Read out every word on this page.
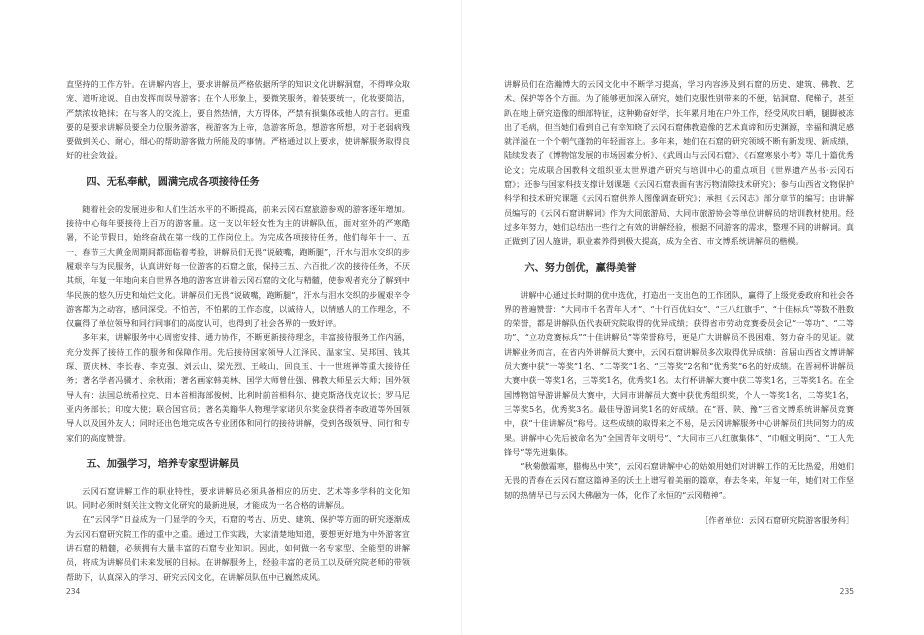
直坚持的工作方针。在讲解内容上，要求讲解员严格依据所学的知识文化讲解洞窟，不得哗众取宠、道听途说、自由发挥而误导游客；在个人形象上，要微笑服务，着装要统一，化妆要简洁，严禁浓妆艳抹；在与客人的交流上，要自然热情，大方得体，严禁有损集体或他人的言行。更重要的是要求讲解员要全力位服务游客，视游客为上帝，急游客所急，想游客所想，对于老弱病残要做到关心、耐心，细心的帮助游客做力所能及的事情。严格通过以上要求，使讲解服务取得良好的社会效益。

四、无私奉献，圆满完成各项接待任务

随着社会的发展进步和人们生活水平的不断提高，前来云冈石窟旅游参观的游客逐年增加。接待中心每年要接待上百万的游客量。这一支以年轻女性为主的讲解队伍，面对室外的严寒酷暑，不论节假日，始终奋战在第一线的工作岗位上。为完成各项接待任务，他们每年十一、五一、春节三大黄金周期间都面临着考验，讲解员们无畏“说破嘴，跑断腿”，汗水与泪水交织的步履艰辛与为民服务，认真讲好每一位游客的石窟之旅，保持三五、六百批／次的接待任务，不厌其烦，年复一年地向来自世界各地的游客宣讲着云冈石窟的文化与精髓，使参观者充分了解到中华民族的悠久历史和灿烂文化。讲解员们无畏“说破嘴，跑断腿”，汗水与泪水交织的步履艰辛令游客都为之动容，感同深受。不怕苦，不怕累的工作态度，以诚待人，以情感人的工作理念，不仅赢得了单位领导和同行同事们的高度认可，也得到了社会各界的一致好评。

多年来，讲解服务中心周密安排、通力协作，不断更新接待理念，丰富接待服务工作内涵，充分发挥了接待工作的服务和保障作用。先后接待国家领导人江泽民、温家宝、吴邦国、钱其琛、贾庆林、李长春、李克强、刘云山、梁光烈、王岐山、回良玉、十一世班禅等重大接待任务；著名学者冯骥才、余秋雨；著名画家韩美林、国学大师曾仕强、佛教大师星云大师；国外领导人有：法国总统希拉克、日本首相海部俊树、比利时前首相科尔、捷克斯洛伐克议长；罗马尼亚内务部长；印度大使；联合国官员；著名美籍华人物理学家诺贝尔奖金获得者李政道等外国领导人以及国外友人；同时还出色地完成各专业团体和同行的接待讲解，受到各级领导、同行和专家们的高度赞誉。

五、加强学习，培养专家型讲解员

云冈石窟讲解工作的职业特性，要求讲解员必须具备相应的历史、艺术等多学科的文化知识。同时必须时刻关注文物文化研究的最新进展，才能成为一名合格的讲解员。

在“云冈学”日益成为一门显学的今天，石窟的考古、历史、建筑、保护等方面的研究逐渐成为云冈石窟研究院工作的重中之重。通过工作实践，大家清楚地知道，要想更好地为中外游客宣讲石窟的精髓，必须拥有大量丰富的石窟专业知识。因此，如何做一名专家型、全能型的讲解员，将成为讲解员们未来发展的目标。在讲解服务上，经验丰富的老员工以及研究院老师的带领帮助下，认真深入的学习、研究云冈文化，在讲解员队伍中已巍然成风。

234

讲解员们在浩瀚博大的云冈文化中不断学习提高，学习内容涉及到石窟的历史、建筑、佛教、艺术、保护等各个方面。为了能够更加深入研究，她们克服性别带来的不便，钻洞窟、爬梯子，甚至趴在地上研究造像的细部特征，这种勤奋好学，长年累月地在户外工作，经受风吹日晒，腿脚被冻出了毛病，但当她们看到自己有幸知晓了云冈石窟佛教造像的艺术真谛和历史渊源，幸福和满足感就洋溢在一个个朝气蓬勃的年轻面容上。多年来，她们在石窟的研究领域不断有新发现、新成绩，陆续发表了《博物馆发展的市场因素分析》、《武周山与云冈石窟》、《石窟寒泉小考》等几十篇优秀论文；完成联合国教科文组织亚太世界遗产研究与培训中心的重点项目《世界遗产丛书·云冈石窟》；还参与国家科技支撑计划课题《云冈石窟表面有害污物清除技术研究》；参与山西省文物保护科学和技术研究课题《云冈石窟供养人图像调查研究》；承担《云冈志》部分章节的编写；由讲解员编写的《云冈石窟讲解词》作为大同旅游局、大同市旅游协会等单位讲解员的培训教材使用。经过多年努力，她们总结出一些行之有效的讲解经验，根据不同游客的需求，整理不同的讲解词。真正做到了因人施讲，职业素养得到极大提高，成为全省、市文博系统讲解员的楷模。

六、努力创优，赢得美誉

讲解中心通过长时期的优中选优，打造出一支出色的工作团队，赢得了上级党委政府和社会各界的普遍赞誉：“大同市千名青年人才”、“十行百优妇女”、“三八红旗手”、“十佳标兵”等数不胜数的荣誉，都是讲解队伍代表研究院取得的优异成绩；获得省市劳动竞赛委员会记“一等功”、“二等功”、“立功竞赛标兵”“十佳讲解员”等荣誉称号，更是广大讲解员不畏困难、努力奋斗的见证。就讲解业务而言，在省内外讲解员大赛中，云冈石窟讲解员多次取得优异成绩：首届山西省文博讲解员大赛中获“一等奖”1名、“二等奖”1名、“三等奖”2名和“优秀奖”6名的好成绩。在晋祠杯讲解员大赛中获一等奖1名，三等奖1名，优秀奖1名。太行杯讲解大赛中获二等奖1名，三等奖1名。在全国博物馆导游讲解员大赛中，大同市讲解员大赛中获优秀组织奖，个人一等奖1名，二等奖1名，三等奖5名，优秀奖3名。最佳导游词奖1名的好成绩。在“晋、陕、豫”三省文博系统讲解员竞赛中，获“十佳讲解员”称号。这些成绩的取得来之不易，是云冈讲解服务中心讲解员们共同努力的成果。讲解中心先后被命名为“全国青年文明号”、“大同市三八红旗集体”、“巾帼文明岗”、“工人先锋号”等先进集体。

“秋菊傲霜寒，腊梅丛中笑”，云冈石窟讲解中心的姑娘用她们对讲解工作的无比热爱，用她们无畏的青春在云冈石窟这篇神圣的沃土上谱写着美丽的篇章，春去冬来，年复一年，她们对工作坚韧的热情早已与云冈大佛融为一体，化作了永恒的“云冈精神”。

［作者单位：云冈石窟研究院游客服务科］
235
